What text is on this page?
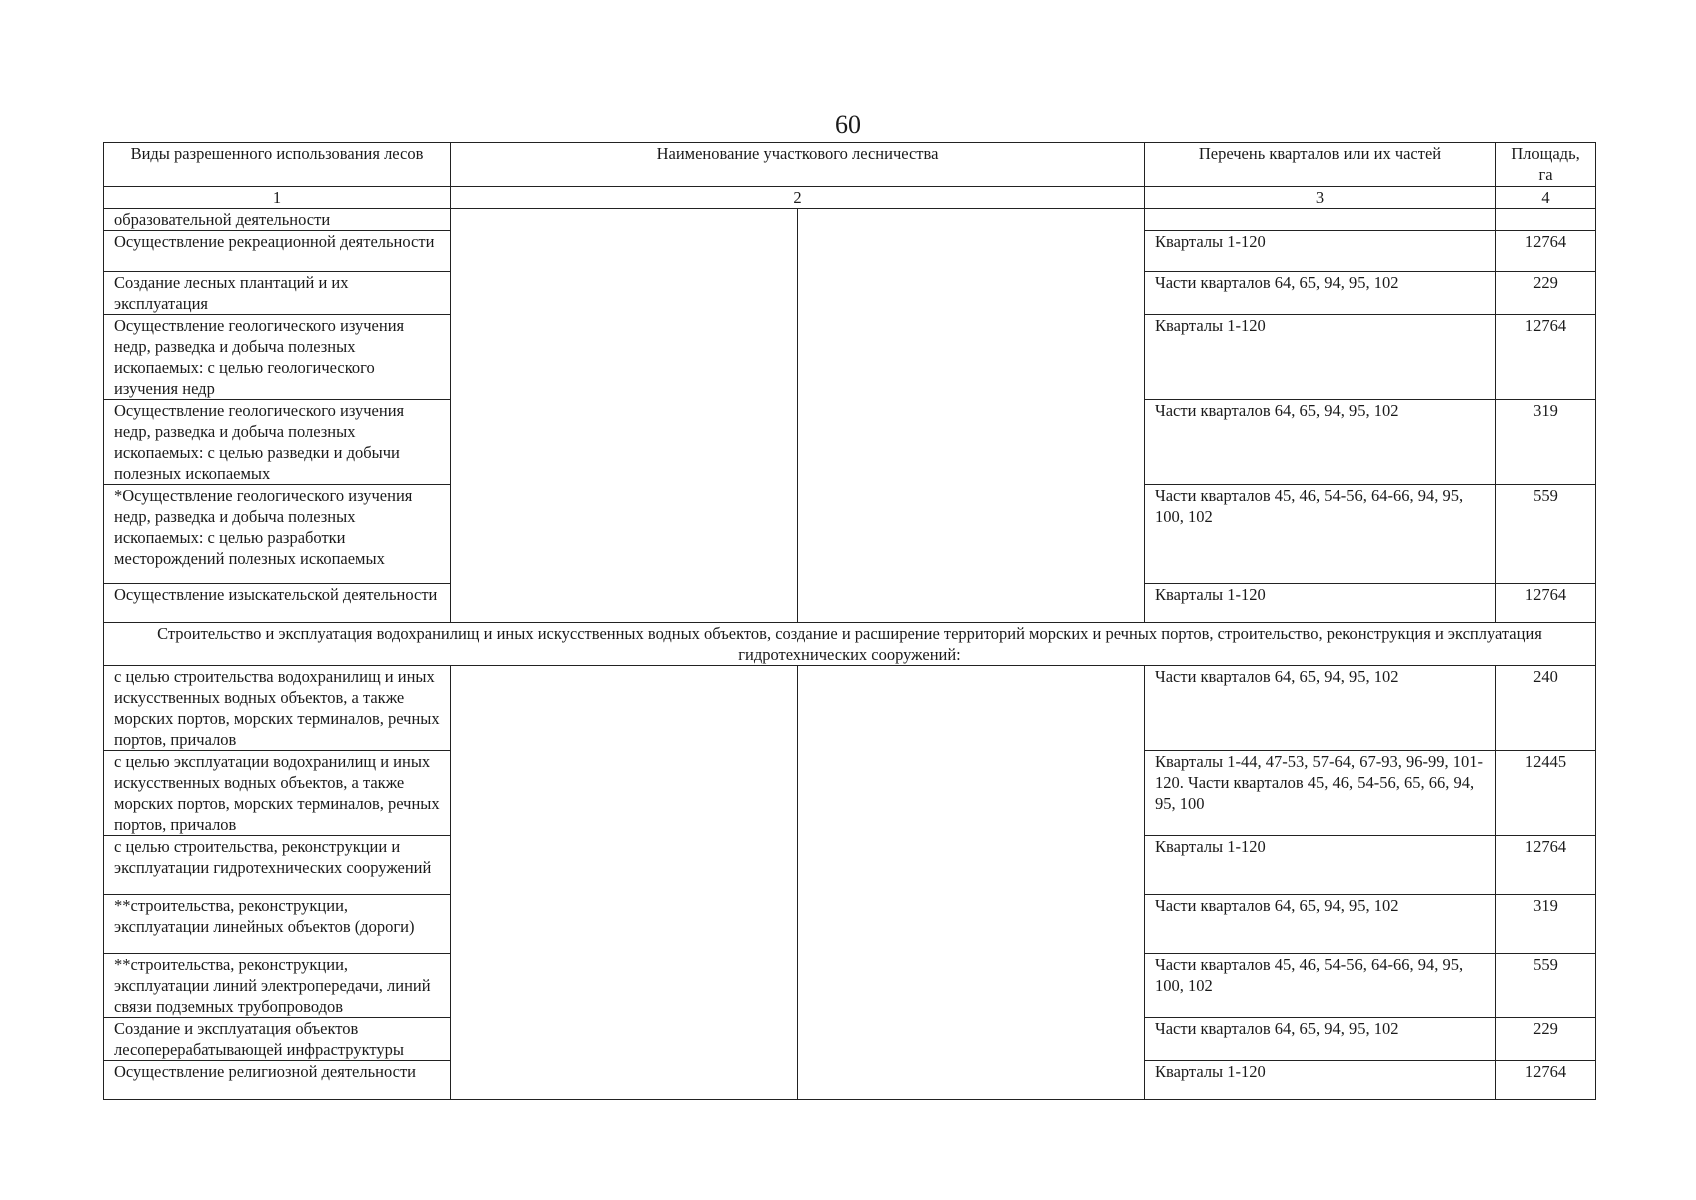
60
Виды разрешенного использования лесов	Наименование участкового лесничества		Перечень кварталов или их частей	Площадь, га
1	2		3	4
образовательной деятельности				
Осуществление рекреационной деятельности			Кварталы 1-120	12764
Создание лесных плантаций и их эксплуатация			Части кварталов 64, 65, 94, 95, 102	229
Осуществление геологического изучения недр, разведка и добыча полезных ископаемых: с целью геологического изучения недр			Кварталы 1-120	12764
Осуществление геологического изучения недр, разведка и добыча полезных ископаемых: с целью разведки и добычи полезных ископаемых			Части кварталов 64, 65, 94, 95, 102	319
*Осуществление геологического изучения недр, разведка и добыча полезных ископаемых: с целью разработки месторождений полезных ископаемых			Части кварталов 45, 46, 54-56, 64-66, 94, 95, 100, 102	559
Осуществление изыскательской деятельности			Кварталы 1-120	12764
Строительство и эксплуатация водохранилищ и иных искусственных водных объектов, создание и расширение территорий морских и речных портов, строительство, реконструкция и эксплуатация гидротехнических сооружений:				
с целью строительства водохранилищ и иных искусственных водных объектов, а также морских портов, морских терминалов, речных портов, причалов			Части кварталов 64, 65, 94, 95, 102	240
с целью эксплуатации водохранилищ и иных искусственных водных объектов, а также морских портов, морских терминалов, речных портов, причалов			Кварталы 1-44, 47-53, 57-64, 67-93, 96-99, 101-120. Части кварталов 45, 46, 54-56, 65, 66, 94, 95, 100	12445
с целью строительства, реконструкции и эксплуатации гидротехнических сооружений			Кварталы 1-120	12764
**строительства, реконструкции, эксплуатации линейных объектов (дороги)			Части кварталов 64, 65, 94, 95, 102	319
**строительства, реконструкции, эксплуатации линий электропередачи, линий связи подземных трубопроводов			Части кварталов 45, 46, 54-56, 64-66, 94, 95, 100, 102	559
Создание и эксплуатация объектов лесоперерабатывающей инфраструктуры			Части кварталов 64, 65, 94, 95, 102	229
Осуществление религиозной деятельности			Кварталы 1-120	12764
